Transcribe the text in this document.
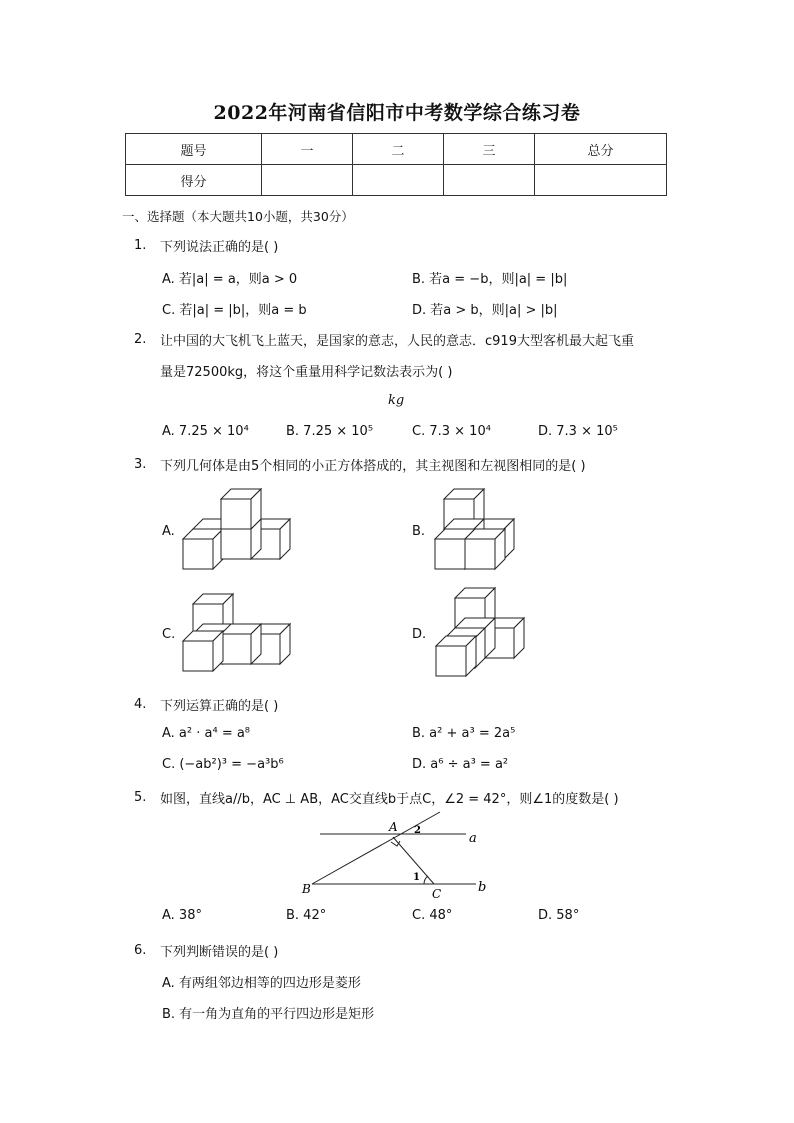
2022年河南省信阳市中考数学综合练习卷
题号	一	二	三	总分
得分				
一、选择题（本大题共10小题，共30分）
1. 下列说法正确的是( )
A. 若|a| = a，则a > 0	B. 若a = −b，则|a| = |b|
C. 若|a| = |b|，则a = b	D. 若a > b，则|a| > |b|
2. 让中国的大飞机飞上蓝天，是国家的意志，人民的意志．c919大型客机最大起飞重
量是72500kg，将这个重量用科学记数法表示为( )
kg
A. 7.25 × 10⁴	B. 7.25 × 10⁵	C. 7.3 × 10⁴	D. 7.3 × 10⁵
3. 下列几何体是由5个相同的小正方体搭成的，其主视图和左视图相同的是( )
A.	B.
C.	D.
A 2
a
B
1
C	b
4. 下列运算正确的是( )
A. a² · a⁴ = a⁸	B. a² + a³ = 2a⁵
C. (−ab²)³ = −a³b⁶	D. a⁶ ÷ a³ = a²
5. 如图，直线a//b，AC ⊥ AB，AC交直线b于点C，∠2 = 42°，则∠1的度数是( )
A. 38°	B. 42°	C. 48°	D. 58°
6. 下列判断错误的是( )
A. 有两组邻边相等的四边形是菱形
B. 有一角为直角的平行四边形是矩形
